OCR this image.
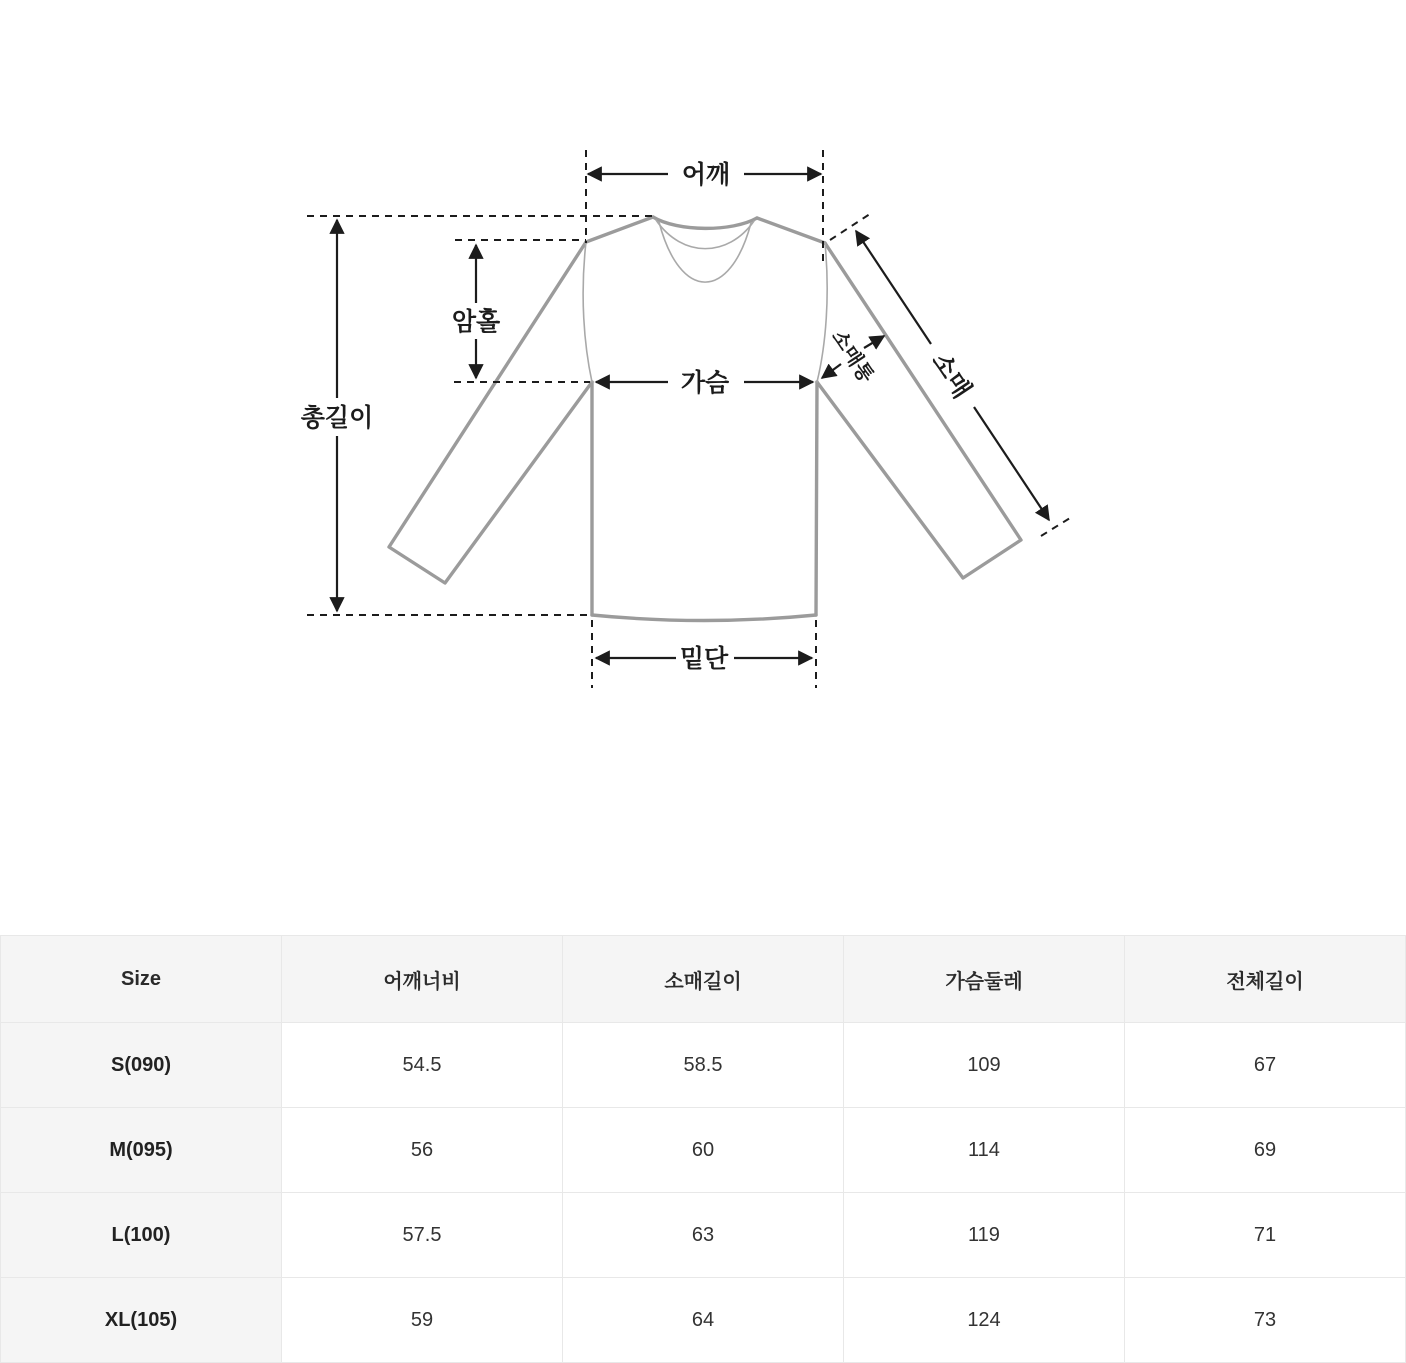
어깨
총길이
암홀
가슴
밑단
소매
소매통
Size	어깨너비	소매길이	가슴둘레	전체길이
S(090)	54.5	58.5	109	67
M(095)	56	60	114	69
L(100)	57.5	63	119	71
XL(105)	59	64	124	73
